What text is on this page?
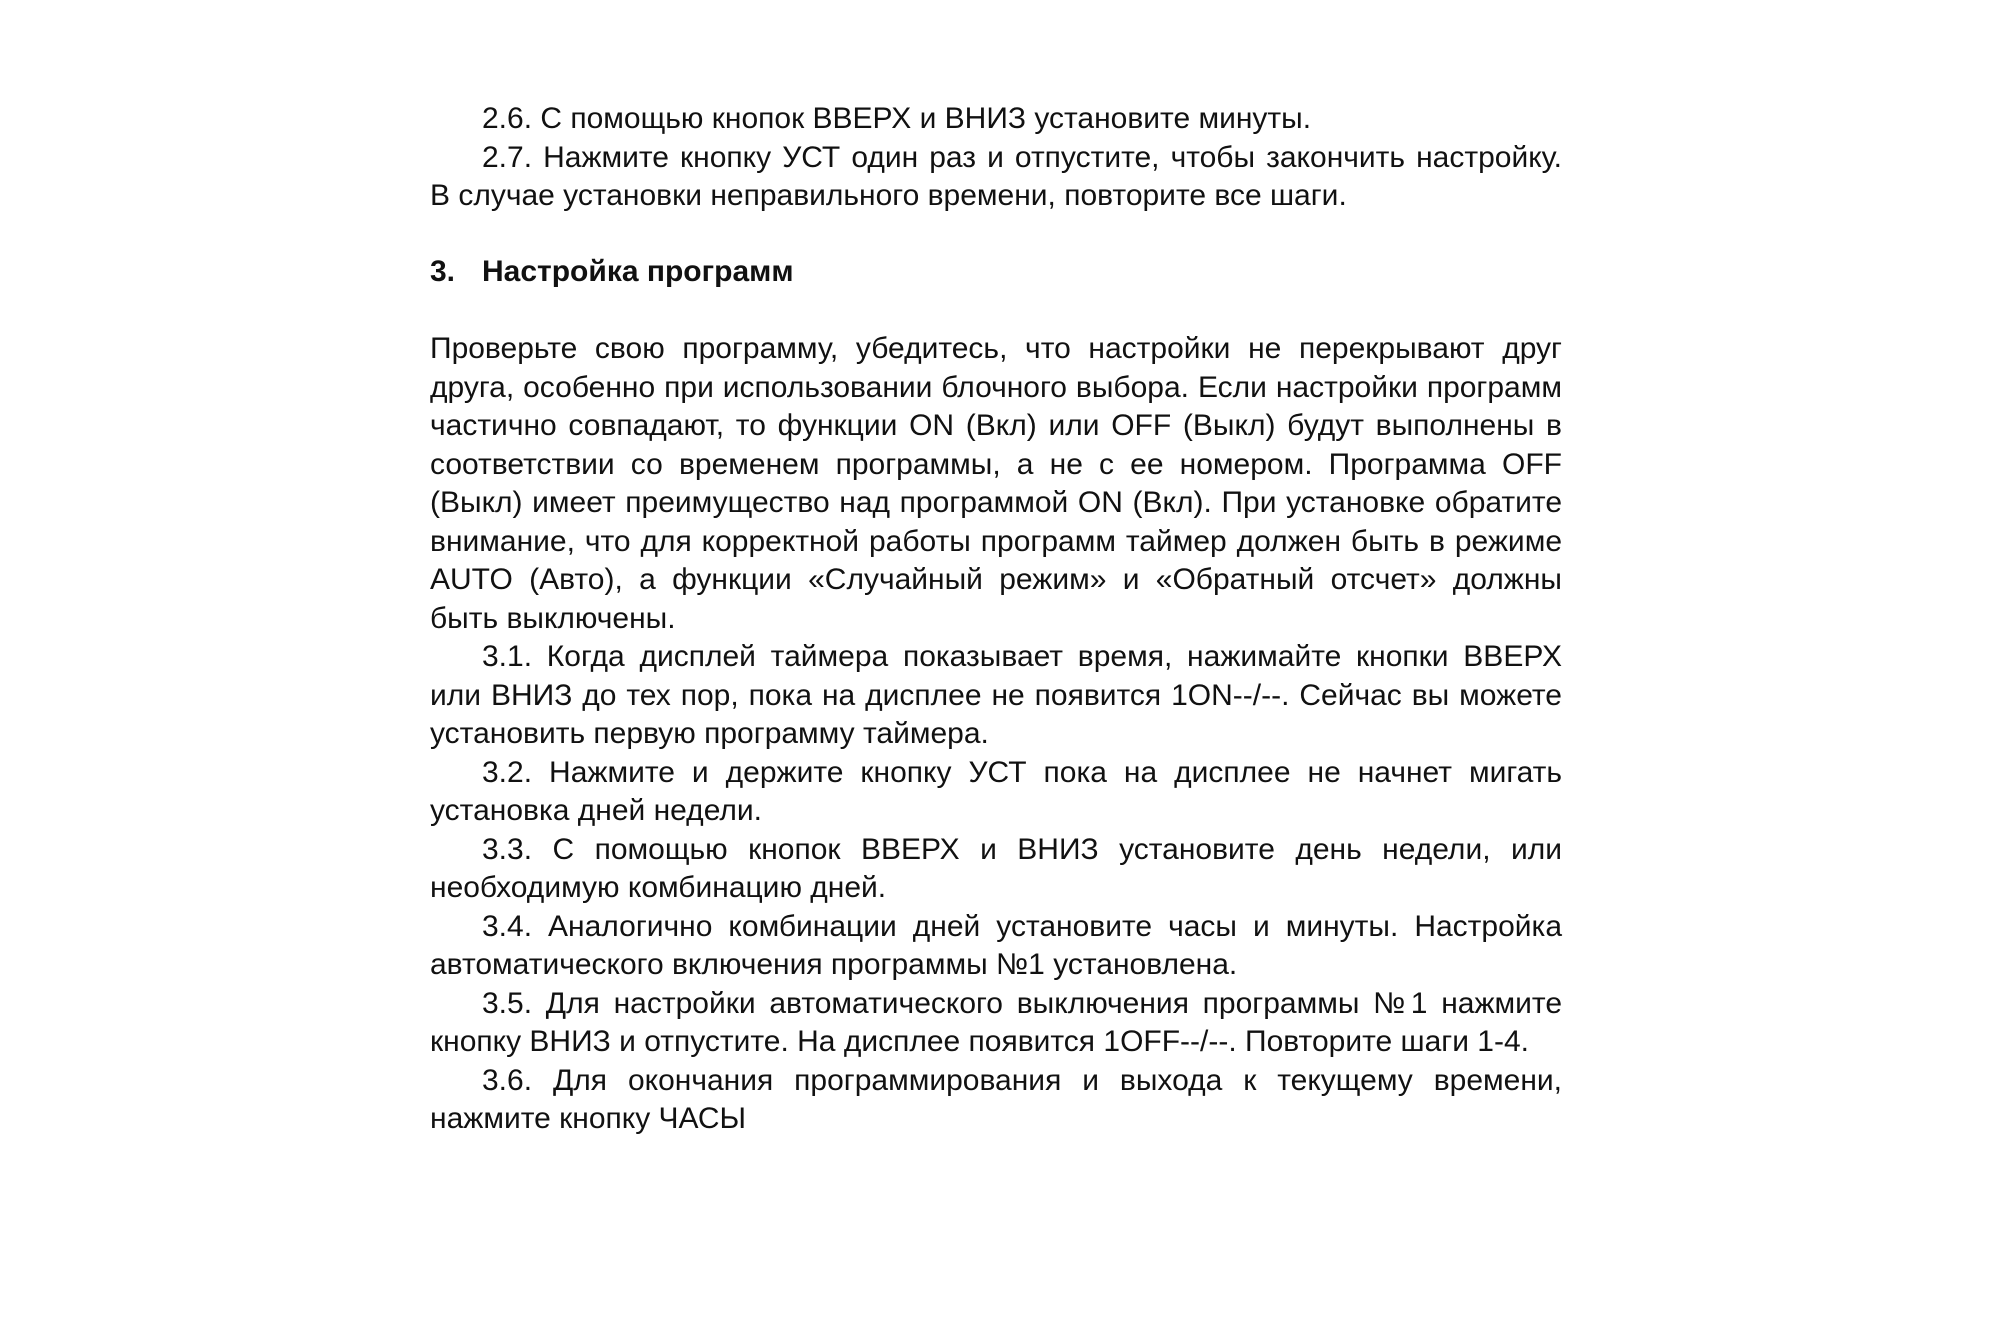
2.6. С помощью кнопок ВВЕРХ и ВНИЗ установите минуты.

2.7. Нажмите кнопку УСТ один раз и отпустите, чтобы закончить настройку. В случае установки неправильного времени, повторите все шаги.

3. Настройка программ

Проверьте свою программу, убедитесь, что настройки не перекрывают друг друга, особенно при использовании блочного выбора. Если настройки программ частично совпадают, то функции ON (Вкл) или OFF (Выкл) будут выполнены в соответствии со временем программы, а не с ее номером. Программа OFF (Выкл) имеет преимущество над программой ON (Вкл). При установке обратите внимание, что для корректной работы программ таймер должен быть в режиме AUTO (Авто), а функции «Случайный режим» и «Обратный отсчет» должны быть выключены.

3.1. Когда дисплей таймера показывает время, нажимайте кнопки ВВЕРХ или ВНИЗ до тех пор, пока на дисплее не появится 1ON--/--. Сейчас вы можете установить первую программу таймера.

3.2. Нажмите и держите кнопку УСТ пока на дисплее не начнет мигать установка дней недели.

3.3. С помощью кнопок ВВЕРХ и ВНИЗ установите день недели, или необходимую комбинацию дней.

3.4. Аналогично комбинации дней установите часы и минуты. Настройка автоматического включения программы №1 установлена.

3.5. Для настройки автоматического выключения программы №1 нажмите кнопку ВНИЗ и отпустите. На дисплее появится 1OFF--/--. Повторите шаги 1-4.

3.6. Для окончания программирования и выхода к текущему времени, нажмите кнопку ЧАСЫ
